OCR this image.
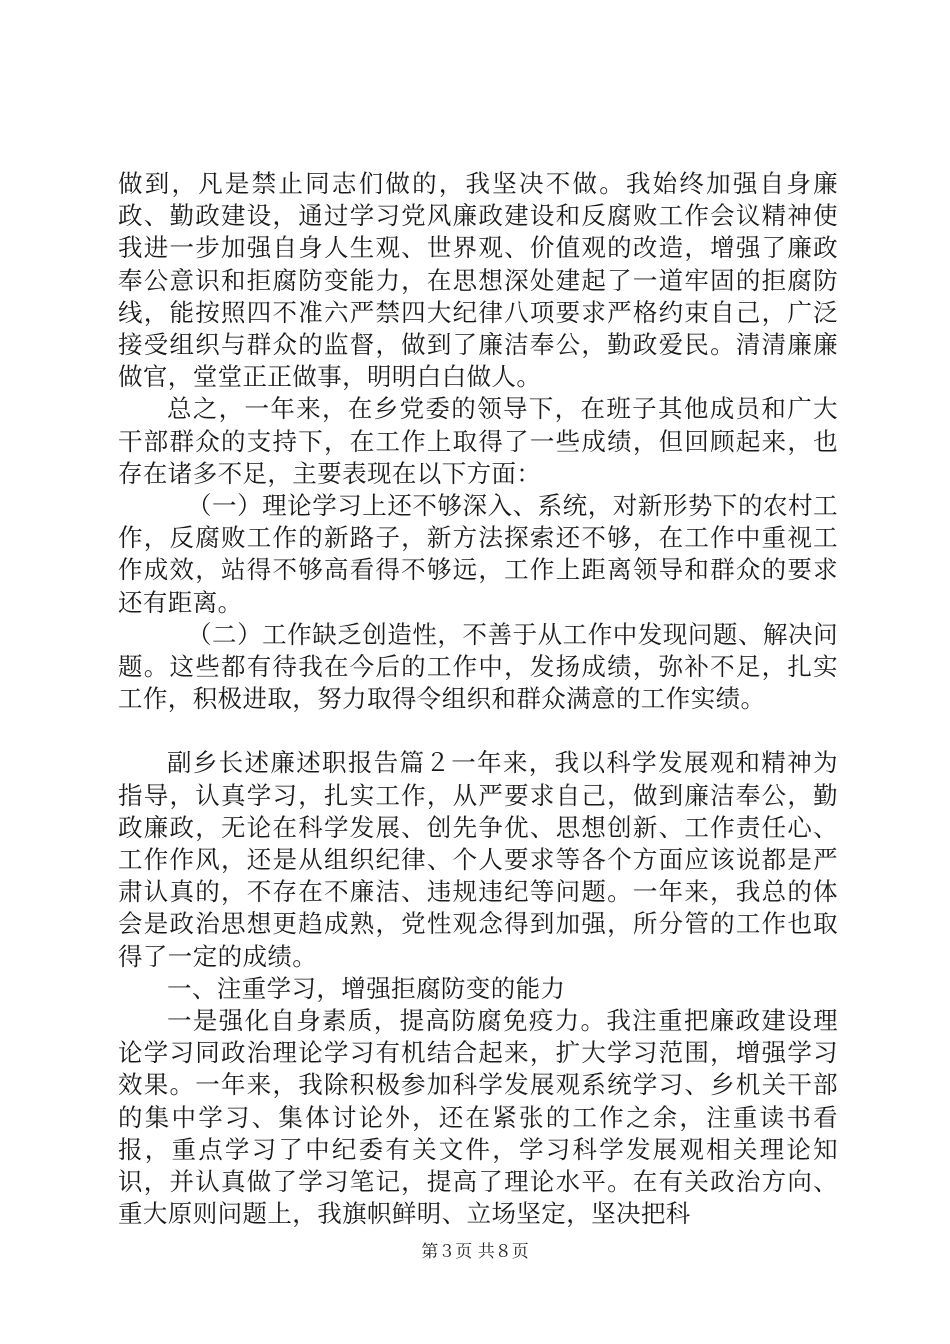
做到，凡是禁止同志们做的，我坚决不做。我始终加强自身廉政、勤政建设，通过学习党风廉政建设和反腐败工作会议精神使我进一步加强自身人生观、世界观、价值观的改造，增强了廉政奉公意识和拒腐防变能力，在思想深处建起了一道牢固的拒腐防线，能按照四不准六严禁四大纪律八项要求严格约束自己，广泛接受组织与群众的监督，做到了廉洁奉公，勤政爱民。清清廉廉做官，堂堂正正做事，明明白白做人。

总之，一年来，在乡党委的领导下，在班子其他成员和广大干部群众的支持下，在工作上取得了一些成绩，但回顾起来，也存在诸多不足，主要表现在以下方面：

（一）理论学习上还不够深入、系统，对新形势下的农村工作，反腐败工作的新路子，新方法探索还不够，在工作中重视工作成效，站得不够高看得不够远，工作上距离领导和群众的要求还有距离。

（二）工作缺乏创造性，不善于从工作中发现问题、解决问题。这些都有待我在今后的工作中，发扬成绩，弥补不足，扎实工作，积极进取，努力取得令组织和群众满意的工作实绩。

副乡长述廉述职报告篇２一年来，我以科学发展观和精神为指导，认真学习，扎实工作，从严要求自己，做到廉洁奉公，勤政廉政，无论在科学发展、创先争优、思想创新、工作责任心、工作作风，还是从组织纪律、个人要求等各个方面应该说都是严肃认真的，不存在不廉洁、违规违纪等问题。一年来，我总的体会是政治思想更趋成熟，党性观念得到加强，所分管的工作也取得了一定的成绩。

一、注重学习，增强拒腐防变的能力

一是强化自身素质，提高防腐免疫力。我注重把廉政建设理论学习同政治理论学习有机结合起来，扩大学习范围，增强学习效果。一年来，我除积极参加科学发展观系统学习、乡机关干部的集中学习、集体讨论外，还在紧张的工作之余，注重读书看报，重点学习了中纪委有关文件，学习科学发展观相关理论知识，并认真做了学习笔记，提高了理论水平。在有关政治方向、重大原则问题上，我旗帜鲜明、立场坚定，坚决把科

第３页 共８页
